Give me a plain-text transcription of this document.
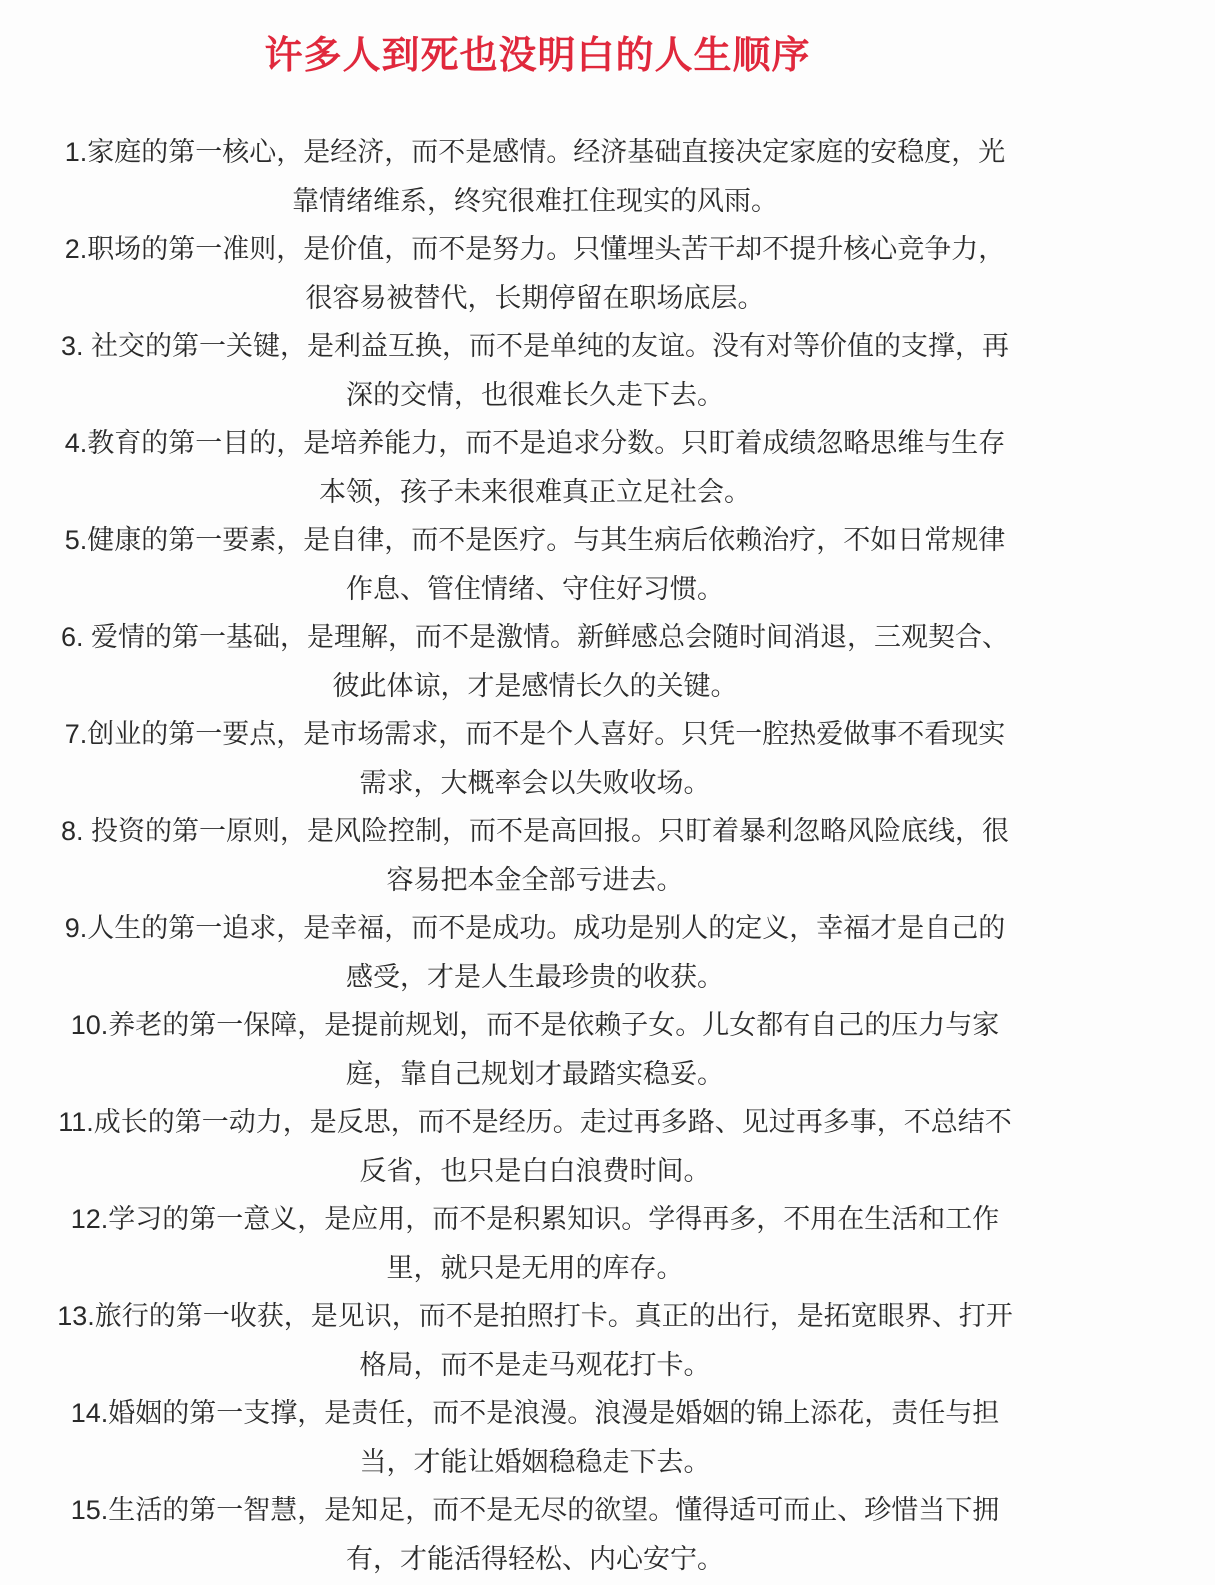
许多人到死也没明白的人生顺序
1.家庭的第一核心，是经济，而不是感情。经济基础直接决定家庭的安稳度，光
靠情绪维系，终究很难扛住现实的风雨。
2.职场的第一准则，是价值，而不是努力。只懂埋头苦干却不提升核心竞争力，
很容易被替代，长期停留在职场底层。
3. 社交的第一关键，是利益互换，而不是单纯的友谊。没有对等价值的支撑，再
深的交情，也很难长久走下去。
4.教育的第一目的，是培养能力，而不是追求分数。只盯着成绩忽略思维与生存
本领，孩子未来很难真正立足社会。
5.健康的第一要素，是自律，而不是医疗。与其生病后依赖治疗，不如日常规律
作息、管住情绪、守住好习惯。
6. 爱情的第一基础，是理解，而不是激情。新鲜感总会随时间消退，三观契合、
彼此体谅，才是感情长久的关键。
7.创业的第一要点，是市场需求，而不是个人喜好。只凭一腔热爱做事不看现实
需求，大概率会以失败收场。
8. 投资的第一原则，是风险控制，而不是高回报。只盯着暴利忽略风险底线，很
容易把本金全部亏进去。
9.人生的第一追求，是幸福，而不是成功。成功是别人的定义，幸福才是自己的
感受，才是人生最珍贵的收获。
10.养老的第一保障，是提前规划，而不是依赖子女。儿女都有自己的压力与家
庭，靠自己规划才最踏实稳妥。
11.成长的第一动力，是反思，而不是经历。走过再多路、见过再多事，不总结不
反省，也只是白白浪费时间。
12.学习的第一意义，是应用，而不是积累知识。学得再多，不用在生活和工作
里，就只是无用的库存。
13.旅行的第一收获，是见识，而不是拍照打卡。真正的出行，是拓宽眼界、打开
格局，而不是走马观花打卡。
14.婚姻的第一支撑，是责任，而不是浪漫。浪漫是婚姻的锦上添花，责任与担
当，才能让婚姻稳稳走下去。
15.生活的第一智慧，是知足，而不是无尽的欲望。懂得适可而止、珍惜当下拥
有，才能活得轻松、内心安宁。
